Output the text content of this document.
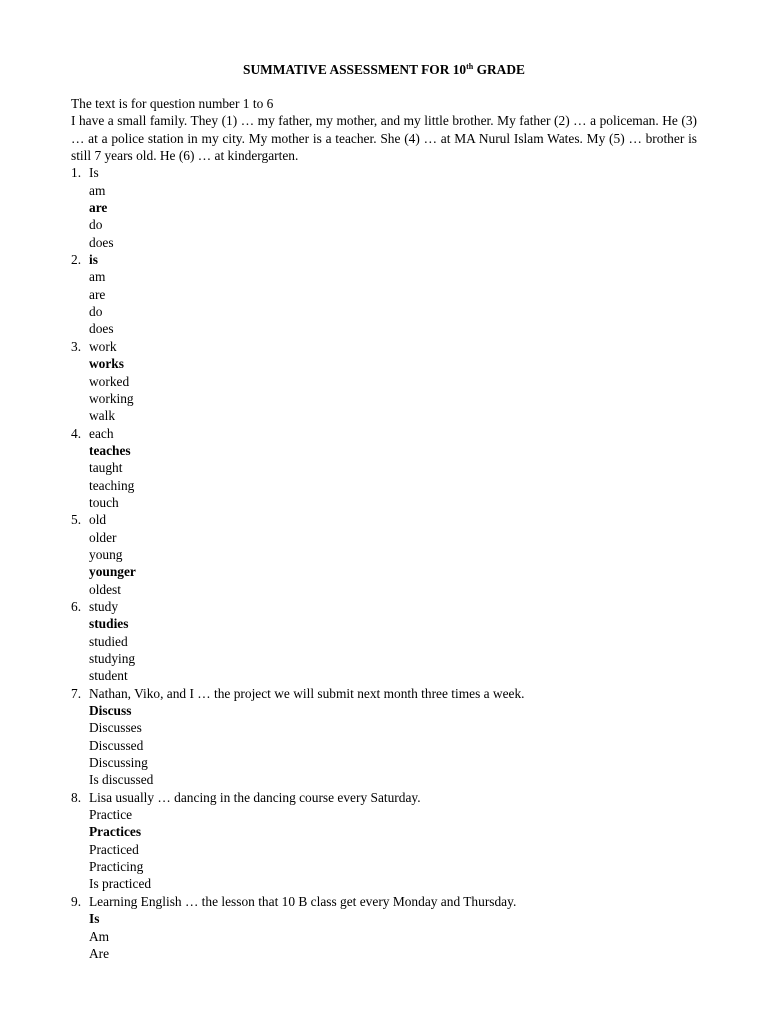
SUMMATIVE ASSESSMENT FOR 10th GRADE
The text is for question number 1 to 6
I have a small family. They (1) … my father, my mother, and my little brother. My father (2) … a policeman. He (3) … at a police station in my city. My mother is a teacher. She (4) … at MA Nurul Islam Wates. My (5) … brother is still 7 years old. He (6) … at kindergarten.
1. Is
am
are
do
does
2. is
am
are
do
does
3. work
works
worked
working
walk
4. each
teaches
taught
teaching
touch
5. old
older
young
younger
oldest
6. study
studies
studied
studying
student
7. Nathan, Viko, and I … the project we will submit next month three times a week.
Discuss
Discusses
Discussed
Discussing
Is discussed
8. Lisa usually … dancing in the dancing course every Saturday.
Practice
Practices
Practiced
Practicing
Is practiced
9. Learning English … the lesson that 10 B class get every Monday and Thursday.
Is
Am
Are
